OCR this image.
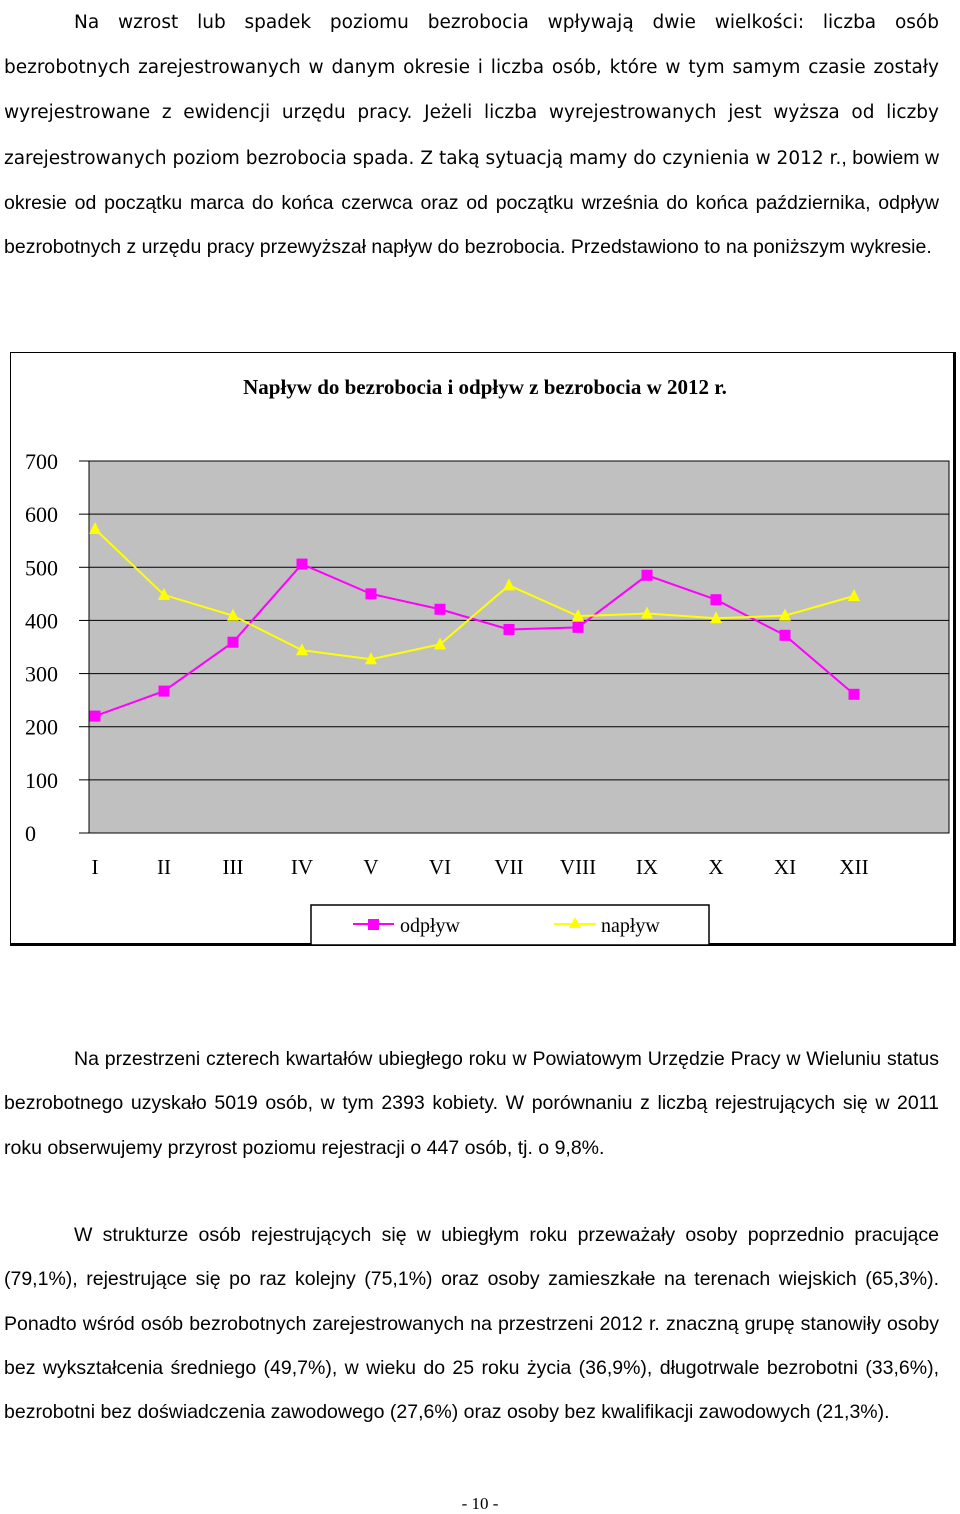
Na wzrost lub spadek poziomu bezrobocia wpływają dwie wielkości: liczba osób bezrobotnych zarejestrowanych w danym okresie i liczba osób, które w tym samym czasie zostały wyrejestrowane z ewidencji urzędu pracy. Jeżeli liczba wyrejestrowanych jest wyższa od liczby zarejestrowanych poziom bezrobocia spada. Z taką sytuacją mamy do czynienia w 2012 r., bowiem w okresie od początku marca do końca czerwca oraz od początku września do końca października, odpływ bezrobotnych z urzędu pracy przewyższał napływ do bezrobocia. Przedstawiono to na poniższym wykresie.
Napływ do bezrobocia i odpływ z bezrobocia w 2012 r.
0
100
200
300
400
500
600
700
I	II III IV V VI VII VIII IX X XI XII
odpływ	napływ
Na przestrzeni czterech kwartałów ubiegłego roku w Powiatowym Urzędzie Pracy w Wieluniu status bezrobotnego uzyskało 5019 osób, w tym 2393 kobiety. W porównaniu z liczbą rejestrujących się w 2011 roku obserwujemy przyrost poziomu rejestracji o 447 osób, tj. o 9,8%.
W strukturze osób rejestrujących się w ubiegłym roku przeważały osoby poprzednio pracujące (79,1%), rejestrujące się po raz kolejny (75,1%) oraz osoby zamieszkałe na terenach wiejskich (65,3%). Ponadto wśród osób bezrobotnych zarejestrowanych na przestrzeni 2012 r. znaczną grupę stanowiły osoby bez wykształcenia średniego (49,7%), w wieku do 25 roku życia (36,9%), długotrwale bezrobotni (33,6%), bezrobotni bez doświadczenia zawodowego (27,6%) oraz osoby bez kwalifikacji zawodowych (21,3%).
- 10 -
